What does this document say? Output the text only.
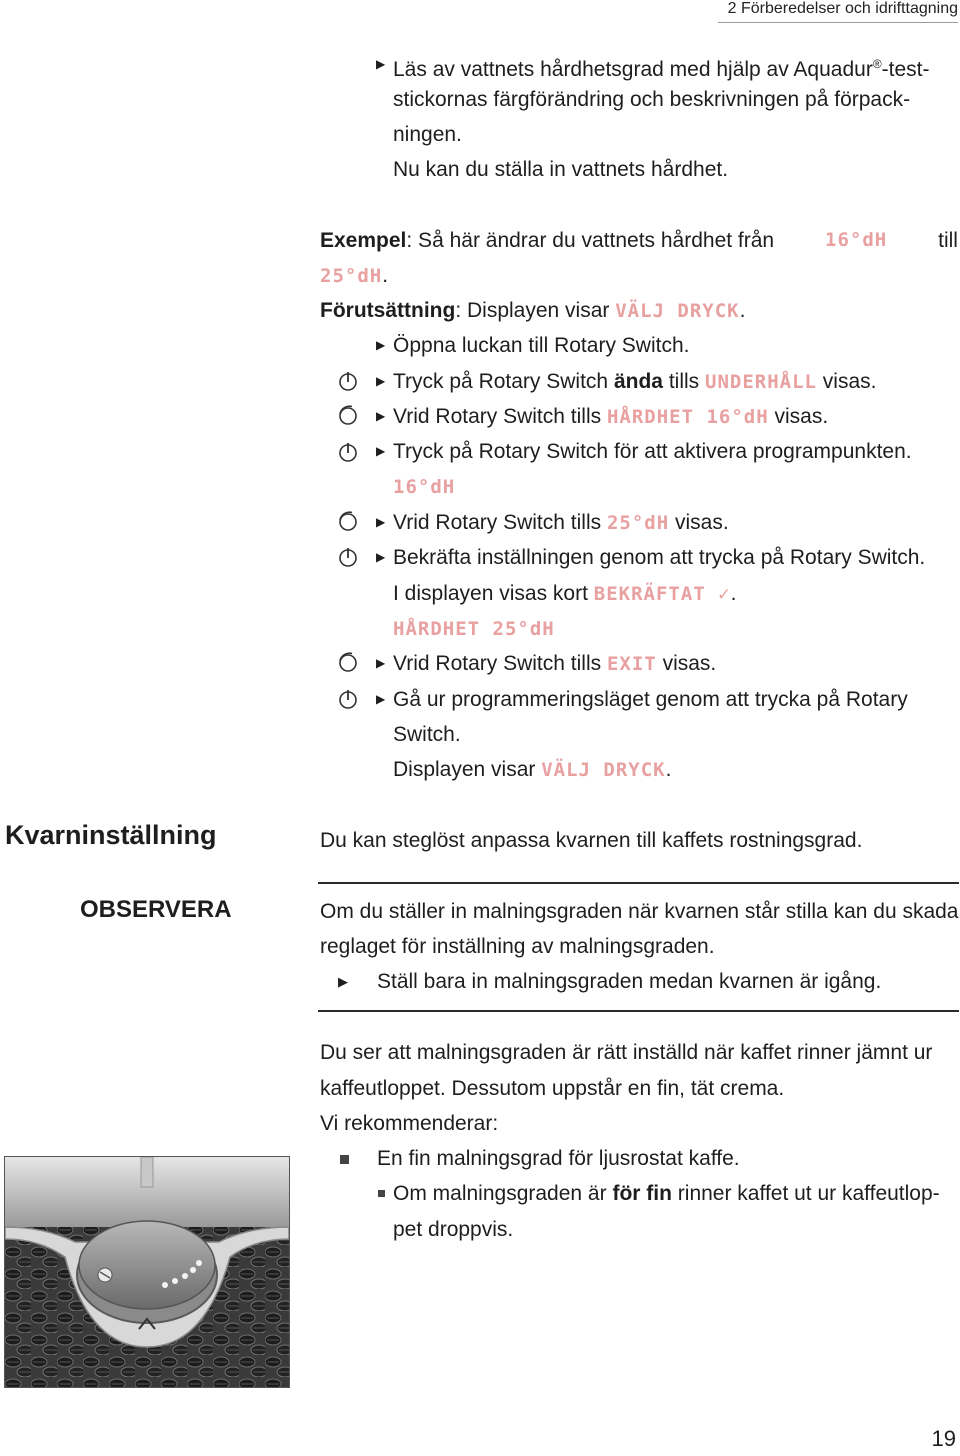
2 Förberedelser och idrifttagning
▶ Läs av vattnets hårdhetsgrad med hjälp av Aquadur®-test-
stickornas färgförändring och beskrivningen på förpack-
ningen.
Nu kan du ställa in vattnets hårdhet.
Exempel: Så här ändrar du vattnets hårdhet från	16°dH till
25°dH.
Förutsättning: Displayen visar VÄLJ DRYCK.
▶ Öppna luckan till Rotary Switch.
▶ Tryck på Rotary Switch ända tills UNDERHÅLL visas.
▶ Vrid Rotary Switch tills HÅRDHET 16°dH visas.
▶ Tryck på Rotary Switch för att aktivera programpunkten.
16°dH
▶ Vrid Rotary Switch tills 25°dH visas.
▶ Bekräfta inställningen genom att trycka på Rotary Switch.
I displayen visas kort BEKRÄFTAT ✓.
HÅRDHET 25°dH
▶ Vrid Rotary Switch tills EXIT visas.
▶ Gå ur programmeringsläget genom att trycka på Rotary
Switch.
Displayen visar VÄLJ DRYCK.
Kvarninställning	Du kan steglöst anpassa kvarnen till kaffets rostningsgrad.
OBSERVERA	Om du ställer in malningsgraden när kvarnen står stilla kan du skada
reglaget för inställning av malningsgraden.
▶ Ställ bara in malningsgraden medan kvarnen är igång.
Du ser att malningsgraden är rätt inställd när kaffet rinner jämnt ur
kaffeutloppet. Dessutom uppstår en fin, tät crema.
Vi rekommenderar:
En fin malningsgrad för ljusrostat kaffe.
Om malningsgraden är för fin rinner kaffet ut ur kaffeutlop-
pet droppvis.
19
